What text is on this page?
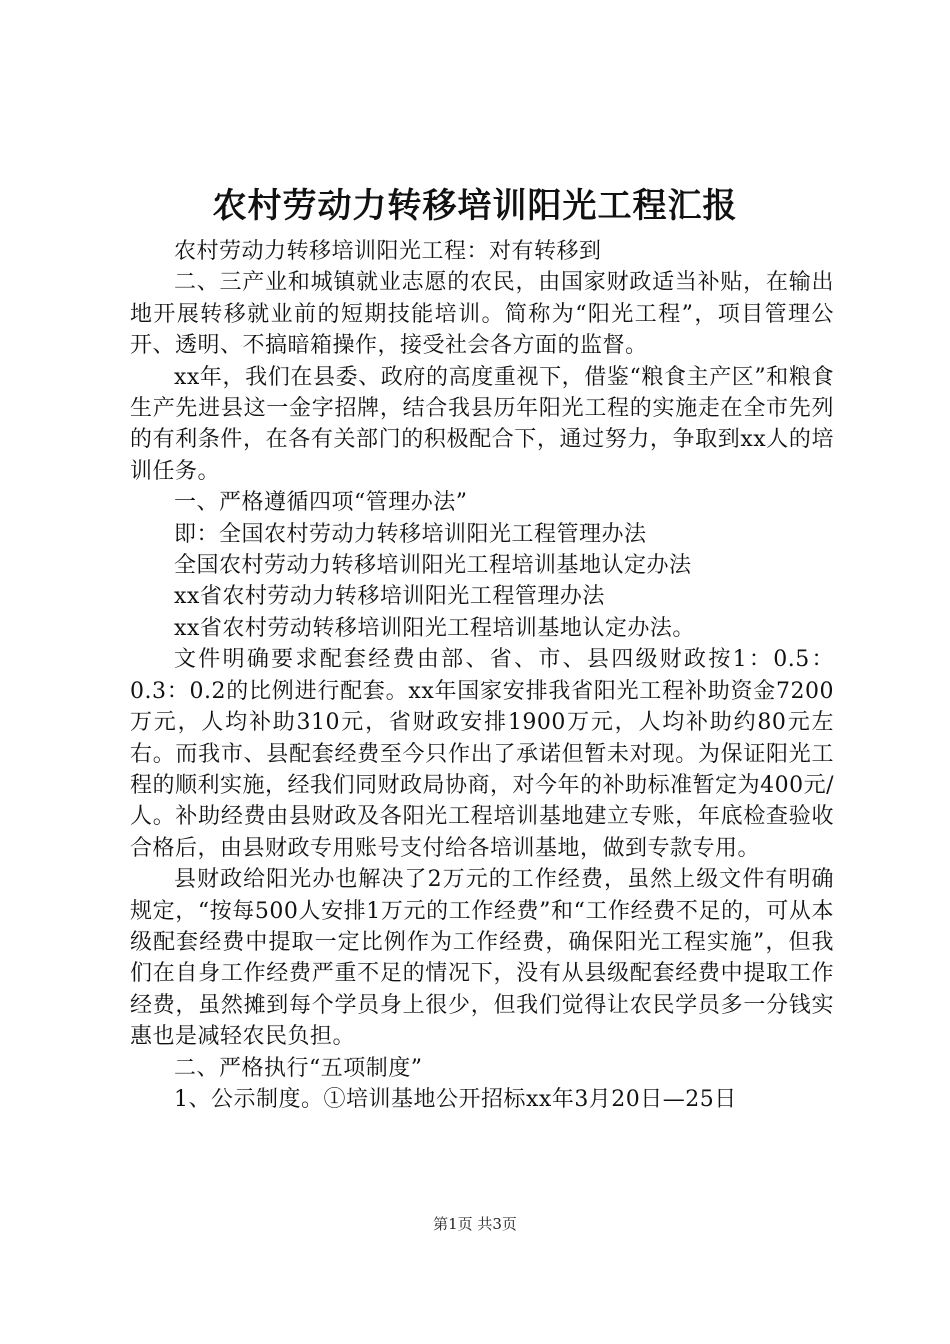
农村劳动力转移培训阳光工程汇报

农村劳动力转移培训阳光工程：对有转移到

二、三产业和城镇就业志愿的农民，由国家财政适当补贴，在输出地开展转移就业前的短期技能培训。简称为“阳光工程”，项目管理公开、透明、不搞暗箱操作，接受社会各方面的监督。

xx年，我们在县委、政府的高度重视下，借鉴“粮食主产区”和粮食生产先进县这一金字招牌，结合我县历年阳光工程的实施走在全市先列的有利条件，在各有关部门的积极配合下，通过努力，争取到xx人的培训任务。

一、严格遵循四项“管理办法”

即：全国农村劳动力转移培训阳光工程管理办法

全国农村劳动力转移培训阳光工程培训基地认定办法

xx省农村劳动力转移培训阳光工程管理办法

xx省农村劳动转移培训阳光工程培训基地认定办法。

文件明确要求配套经费由部、省、市、县四级财政按1：0.5：0.3：0.2的比例进行配套。xx年国家安排我省阳光工程补助资金7200万元，人均补助310元，省财政安排1900万元，人均补助约80元左右。而我市、县配套经费至今只作出了承诺但暂未对现。为保证阳光工程的顺利实施，经我们同财政局协商，对今年的补助标准暂定为400元/人。补助经费由县财政及各阳光工程培训基地建立专账，年底检查验收合格后，由县财政专用账号支付给各培训基地，做到专款专用。

县财政给阳光办也解决了2万元的工作经费，虽然上级文件有明确规定，“按每500人安排1万元的工作经费”和“工作经费不足的，可从本级配套经费中提取一定比例作为工作经费，确保阳光工程实施”，但我们在自身工作经费严重不足的情况下，没有从县级配套经费中提取工作经费，虽然摊到每个学员身上很少，但我们觉得让农民学员多一分钱实惠也是减轻农民负担。

二、严格执行“五项制度”

1、公示制度。①培训基地公开招标xx年3月20日—25日

第1页 共3页
